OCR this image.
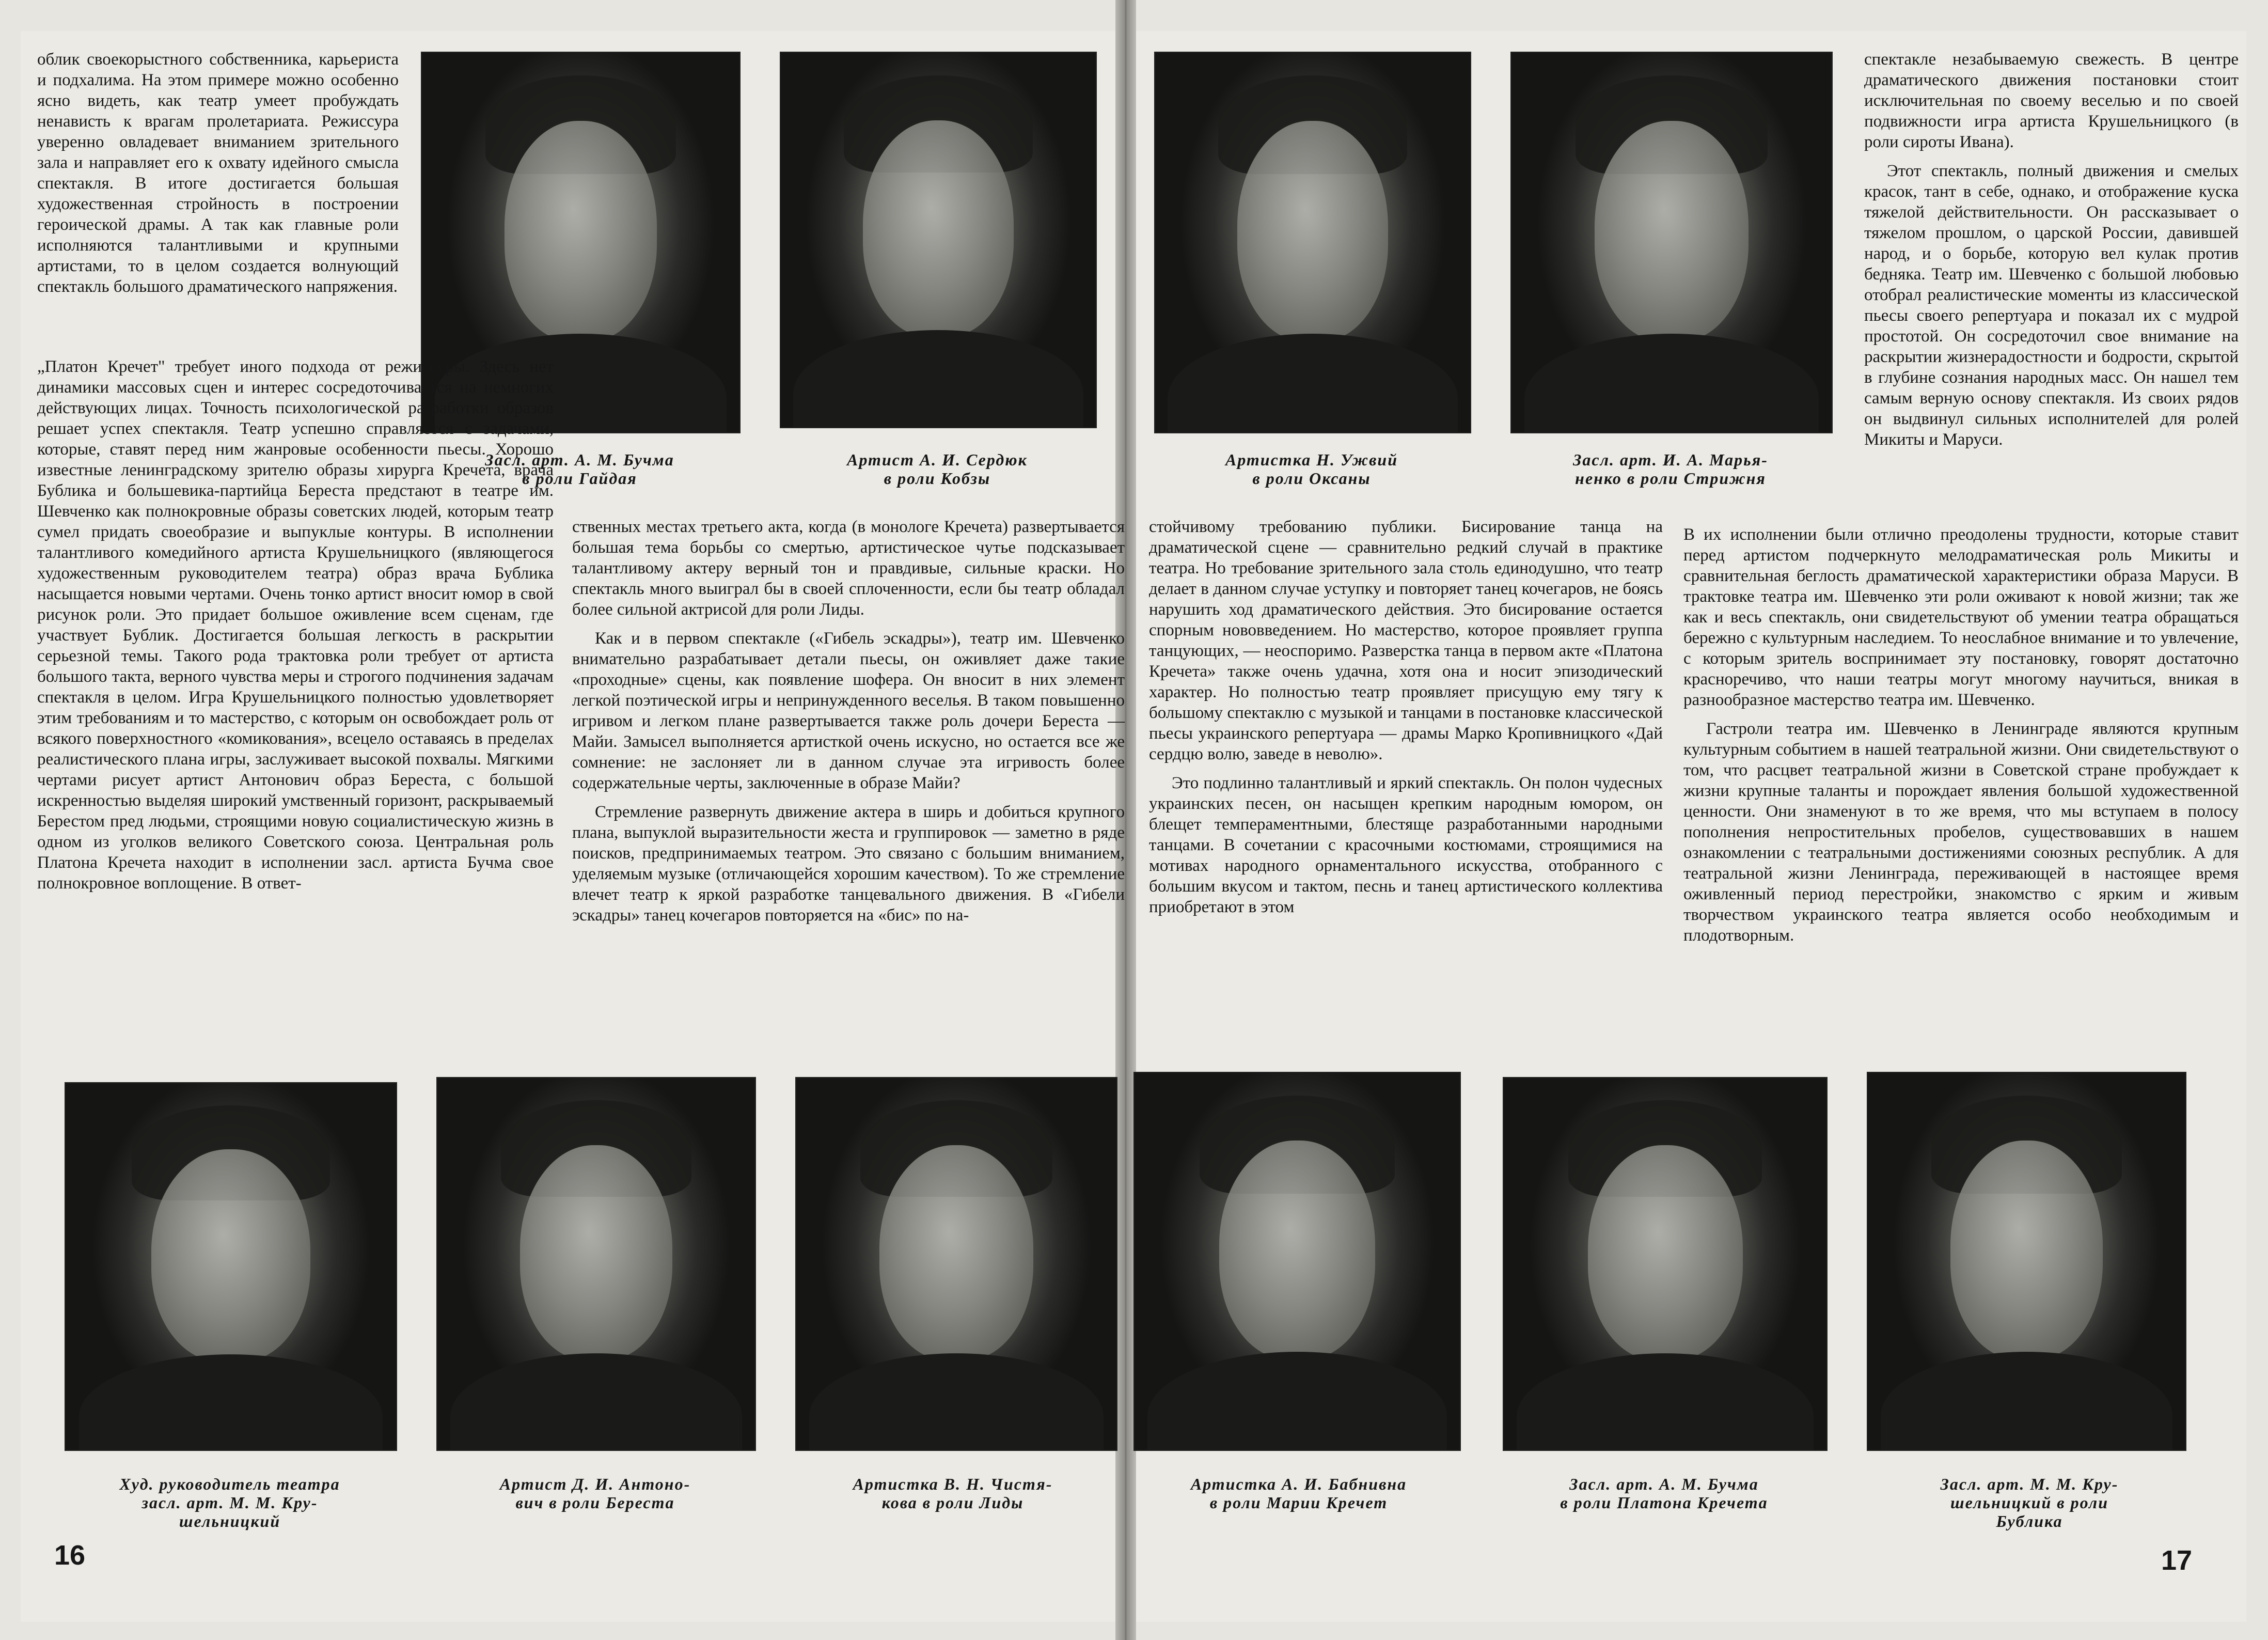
облик своекорыстного собственника, карьериста и подхалима. На этом примере можно особенно ясно видеть, как театр умеет пробуждать ненависть к врагам пролетариата. Режиссура уверенно овладевает вниманием зрительного зала и направляет его к охвату идейного смысла спектакля. В итоге достигается большая художественная стройность в построении героической драмы. А так как главные роли исполняются талантливыми и крупными артистами, то в целом создается волнующий спектакль большого драматического напряжения.

Засл. арт. А. М. Бучма
в роли Гайдая
Артист А. И. Сердюк
в роли Кобзы

ственных местах третьего акта, когда (в монологе Кречета) развертывается большая тема борьбы со смертью, артистическое чутье подсказывает талантливому актеру верный тон и правдивые, сильные краски. Но спектакль много выиграл бы в своей сплоченности, если бы театр обладал более сильной актрисой для роли Лиды.

Как и в первом спектакле («Гибель эскадры»), театр им. Шевченко внимательно разрабатывает детали пьесы, он оживляет даже такие «проходные» сцены, как появление шофера. Он вносит в них элемент легкой поэтической игры и непринужденного веселья. В таком повышенно игривом и легком плане развертывается также роль дочери Береста — Майи. Замысел выполняется артисткой очень искусно, но остается все же сомнение: не заслоняет ли в данном случае эта игривость более содержательные черты, заключенные в образе Майи?

Стремление развернуть движение актера в ширь и добиться крупного плана, выпуклой выразительности жеста и группировок — заметно в ряде поисков, предпринимаемых театром. Это связано с большим вниманием, уделяемым музыке (отличающейся хорошим качеством). То же стремление влечет театр к яркой разработке танцевального движения. В «Гибели эскадры» танец кочегаров повторяется на «бис» по на-

„Платон Кречет" требует иного подхода от режиссуры. Здесь нет динамики массовых сцен и интерес сосредоточивается на немногих действующих лицах. Точность психологической разработки образов решает успех спектакля. Театр успешно справляется с задачами, которые, ставят перед ним жанровые особенности пьесы. Хорошо известные ленинградскому зрителю образы хирурга Кречета, врача Бублика и большевика-партийца Береста предстают в театре им. Шевченко как полнокровные образы советских людей, которым театр сумел придать своеобразие и выпуклые контуры. В исполнении талантливого комедийного артиста Крушельницкого (являющегося художественным руководителем театра) образ врача Бублика насыщается новыми чертами. Очень тонко артист вносит юмор в свой рисунок роли. Это придает большое оживление всем сценам, где участвует Бублик. Достигается большая легкость в раскрытии серьезной темы. Такого рода трактовка роли требует от артиста большого такта, верного чувства меры и строгого подчинения задачам спектакля в целом. Игра Крушельницкого полностью удовлетворяет этим требованиям и то мастерство, с которым он освобождает роль от всякого поверхностного «комикования», всецело оставаясь в пределах реалистического плана игры, заслуживает высокой похвалы. Мягкими чертами рисует артист Антонович образ Береста, с большой искренностью выделяя широкий умственный горизонт, раскрываемый Берестом пред людьми, строящими новую социалистическую жизнь в одном из уголков великого Советского союза. Центральная роль Платона Кречета находит в исполнении засл. артиста Бучма свое полнокровное воплощение. В ответ-

Артистка Н. Ужвий
в роли Оксаны
Засл. арт. И. А. Марья-
ненко в роли Стрижня

спектакле незабываемую свежесть. В центре драматического движения постановки стоит исключительная по своему веселью и по своей подвижности игра артиста Крушельницкого (в роли сироты Ивана).

Этот спектакль, полный движения и смелых красок, тант в себе, однако, и отображение куска тяжелой действительности. Он рассказывает о тяжелом прошлом, о царской России, давившей народ, и о борьбе, которую вел кулак против бедняка. Театр им. Шевченко с большой любовью отобрал реалистические моменты из классической пьесы своего репертуара и показал их с мудрой простотой. Он сосредоточил свое внимание на раскрытии жизнерадостности и бодрости, скрытой в глубине сознания народных масс. Он нашел тем самым верную основу спектакля. Из своих рядов он выдвинул сильных исполнителей для ролей Микиты и Маруси.

стойчивому требованию публики. Бисирование танца на драматической сцене — сравнительно редкий случай в практике театра. Но требование зрительного зала столь единодушно, что театр делает в данном случае уступку и повторяет танец кочегаров, не боясь нарушить ход драматического действия. Это бисирование остается спорным нововведением. Но мастерство, которое проявляет группа танцующих, — неоспоримо. Разверстка танца в первом акте «Платона Кречета» также очень удачна, хотя она и носит эпизодический характер. Но полностью театр проявляет присущую ему тягу к большому спектаклю с музыкой и танцами в постановке классической пьесы украинского репертуара — драмы Марко Кропивницкого «Дай сердцю волю, заведе в неволю».

Это подлинно талантливый и яркий спектакль. Он полон чудесных украинских песен, он насыщен крепким народным юмором, он блещет темпераментными, блестяще разработанными народными танцами. В сочетании с красочными костюмами, строящимися на мотивах народного орнаментального искусства, отобранного с большим вкусом и тактом, песнь и танец артистического коллектива приобретают в этом

В их исполнении были отлично преодолены трудности, которые ставит перед артистом подчеркнуто мелодраматическая роль Микиты и сравнительная беглость драматической характеристики образа Маруси. В трактовке театра им. Шевченко эти роли оживают к новой жизни; так же как и весь спектакль, они свидетельствуют об умении театра обращаться бережно с культурным наследием. То неослабное внимание и то увлечение, с которым зритель воспринимает эту постановку, говорят достаточно красноречиво, что наши театры могут многому научиться, вникая в разнообразное мастерство театра им. Шевченко.

Гастроли театра им. Шевченко в Ленинграде являются крупным культурным событием в нашей театральной жизни. Они свидетельствуют о том, что расцвет театральной жизни в Советской стране пробуждает к жизни крупные таланты и порождает явления большой художественной ценности. Они знаменуют в то же время, что мы вступаем в полосу пополнения непростительных пробелов, существовавших в нашем ознакомлении с театральными достижениями союзных республик. А для театральной жизни Ленинграда, переживающей в настоящее время оживленный период перестройки, знакомство с ярким и живым творчеством украинского театра является особо необходимым и плодотворным.

Худ. руководитель театра
засл. арт. М. М. Кру-
шельницкий
Артист Д. И. Антоно-
вич в роли Береста
Артистка В. Н. Чистя-
кова в роли Лиды
Артистка А. И. Бабнивна
в роли Марии Кречет
Засл. арт. А. М. Бучма
в роли Платона Кречета
Засл. арт. М. М. Кру-
шельницкий в роли
Бублика
16	17
